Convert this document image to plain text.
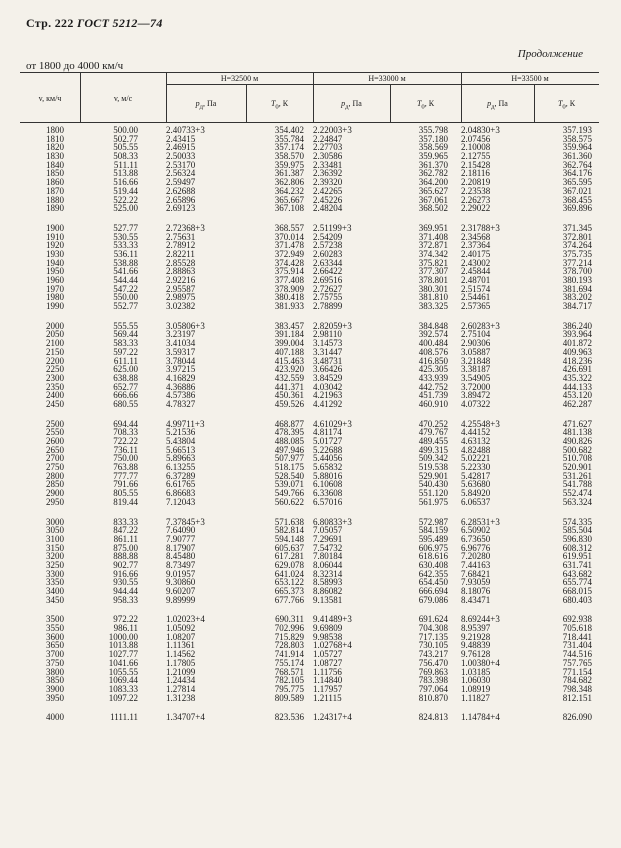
Стр. 222 ГОСТ 5212—74
Продолжение
от 1800 до 4000 км/ч
v, км/ч	v, м/с
H=32500 м	H=33000 м	H=33500 м
$p_д$, Па	$T_0$, К	$p_д$, Па	$T_0$, К	$p_д$, Па	$T_0$, К
1800	500.00	2.40733+3	354.402 2.22003+3	355.798 2.04830+3	357.193
1810	502.77	2.43415	355.784 2.24847	357.180 2.07456	358.575
1820	505.55	2.46915	357.174 2.27703	358.569 2.10008	359.964
1830	508.33	2.50033	358.570 2.30586	359.965 2.12755	361.360
1840	511.11	2.53170	359.975 2.33481	361.370 2.15428	362.764
1850	513.88	2.56324	361.387 2.36392	362.782 2.18116	364.176
1860	516.66	2.59497	362.806 2.39320	364.200 2.20819	365.595
1870	519.44	2.62688	364.232 2.42265	365.627 2.23538	367.021
1880	522.22	2.65896	365.667 2.45226	367.061 2.26273	368.455
1890	525.00	2.69123	367.108 2.48204	368.502 2.29022	369.896
1900	527.77	2.72368+3	368.557 2.51199+3	369.951 2.31788+3	371.345
1910	530.55	2.75631	370.014 2.54209	371.408 2.34568	372.801
1920	533.33	2.78912	371.478 2.57238	372.871 2.37364	374.264
1930	536.11	2.82211	372.949 2.60283	374.342 2.40175	375.735
1940	538.88	2.85528	374.428 2.63344	375.821 2.43002	377.214
1950	541.66	2.88863	375.914 2.66422	377.307 2.45844	378.700
1960	544.44	2.92216	377.408 2.69516	378.801 2.48701	380.193
1970	547.22	2.95587	378.909 2.72627	380.301 2.51574	381.694
1980	550.00	2.98975	380.418 2.75755	381.810 2.54461	383.202
1990	552.77	3.02382	381.933 2.78899	383.325 2.57365	384.717
2000	555.55	3.05806+3	383.457 2.82059+3	384.848 2.60283+3	386.240
2050	569.44	3.23197	391.184 2.98110	392.574 2.75104	393.964
2100	583.33	3.41034	399.004 3.14573	400.484 2.90306	401.872
2150	597.22	3.59317	407.188 3.31447	408.576 3.05887	409.963
2200	611.11	3.78044	415.463 3.48731	416.850 3.21848	418.236
2250	625.00	3.97215	423.920 3.66426	425.305 3.38187	426.691
2300	638.88	4.16829	432.559 3.84529	433.939 3.54905	435.322
2350	652.77	4.36886	441.371 4.03042	442.752 3.72000	444.133
2400	666.66	4.57386	450.361 4.21963	451.739 3.89472	453.120
2450	680.55	4.78327	459.526 4.41292	460.910 4.07322	462.287
2500	694.44	4.99711+3	468.877 4.61029+3	470.252 4.25548+3	471.627
2550	708.33	5.21536	478.395 4.81174	479.767 4.44152	481.138
2600	722.22	5.43804	488.085 5.01727	489.455 4.63132	490.826
2650	736.11	5.66513	497.946 5.22688	499.315 4.82488	500.682
2700	750.00	5.89663	507.977 5.44056	509.342 5.02221	510.708
2750	763.88	6.13255	518.175 5.65832	519.538 5.22330	520.901
2800	777.77	6.37289	528.540 5.88016	529.901 5.42817	531.261
2850	791.66	6.61765	539.071 6.10608	540.430 5.63680	541.788
2900	805.55	6.86683	549.766 6.33608	551.120 5.84920	552.474
2950	819.44	7.12043	560.622 6.57016	561.975 6.06537	563.324
3000	833.33	7.37845+3	571.638 6.80833+3	572.987 6.28531+3	574.335
3050	847.22	7.64090	582.814 7.05057	584.159 6.50902	585.504
3100	861.11	7.90777	594.148 7.29691	595.489 6.73650	596.830
3150	875.00	8.17907	605.637 7.54732	606.975 6.96776	608.312
3200	888.88	8.45480	617.281 7.80184	618.616 7.20280	619.951
3250	902.77	8.73497	629.078 8.06044	630.408 7.44163	631.741
3300	916.66	9.01957	641.024 8.32314	642.355 7.68421	643.682
3350	930.55	9.30860	653.122 8.58993	654.450 7.93059	655.774
3400	944.44	9.60207	665.373 8.86082	666.694 8.18076	668.015
3450	958.33	9.89999	677.766 9.13581	679.086 8.43471	680.403
3500	972.22	1.02023+4	690.311 9.41489+3	691.624 8.69244+3	692.938
3550	986.11	1.05092	702.996 9.69809	704.308 8.95397	705.618
3600	1000.00	1.08207	715.829 9.98538	717.135 9.21928	718.441
3650	1013.88	1.11361	728.803 1.02768+4	730.105 9.48839	731.404
3700	1027.77	1.14562	741.914 1.05727	743.217 9.76128	744.516
3750	1041.66	1.17805	755.174 1.08727	756.470 1.00380+4	757.765
3800	1055.55	1.21099	768.571 1.11756	769.863 1.03185	771.154
3850	1069.44	1.24434	782.105 1.14840	783.398 1.06030	784.682
3900	1083.33	1.27814	795.775 1.17957	797.064 1.08919	798.348
3950	1097.22	1.31238	809.589 1.21115	810.870 1.11827	812.151
4000	1111.11	1.34707+4	823.536 1.24317+4	824.813 1.14784+4	826.090
